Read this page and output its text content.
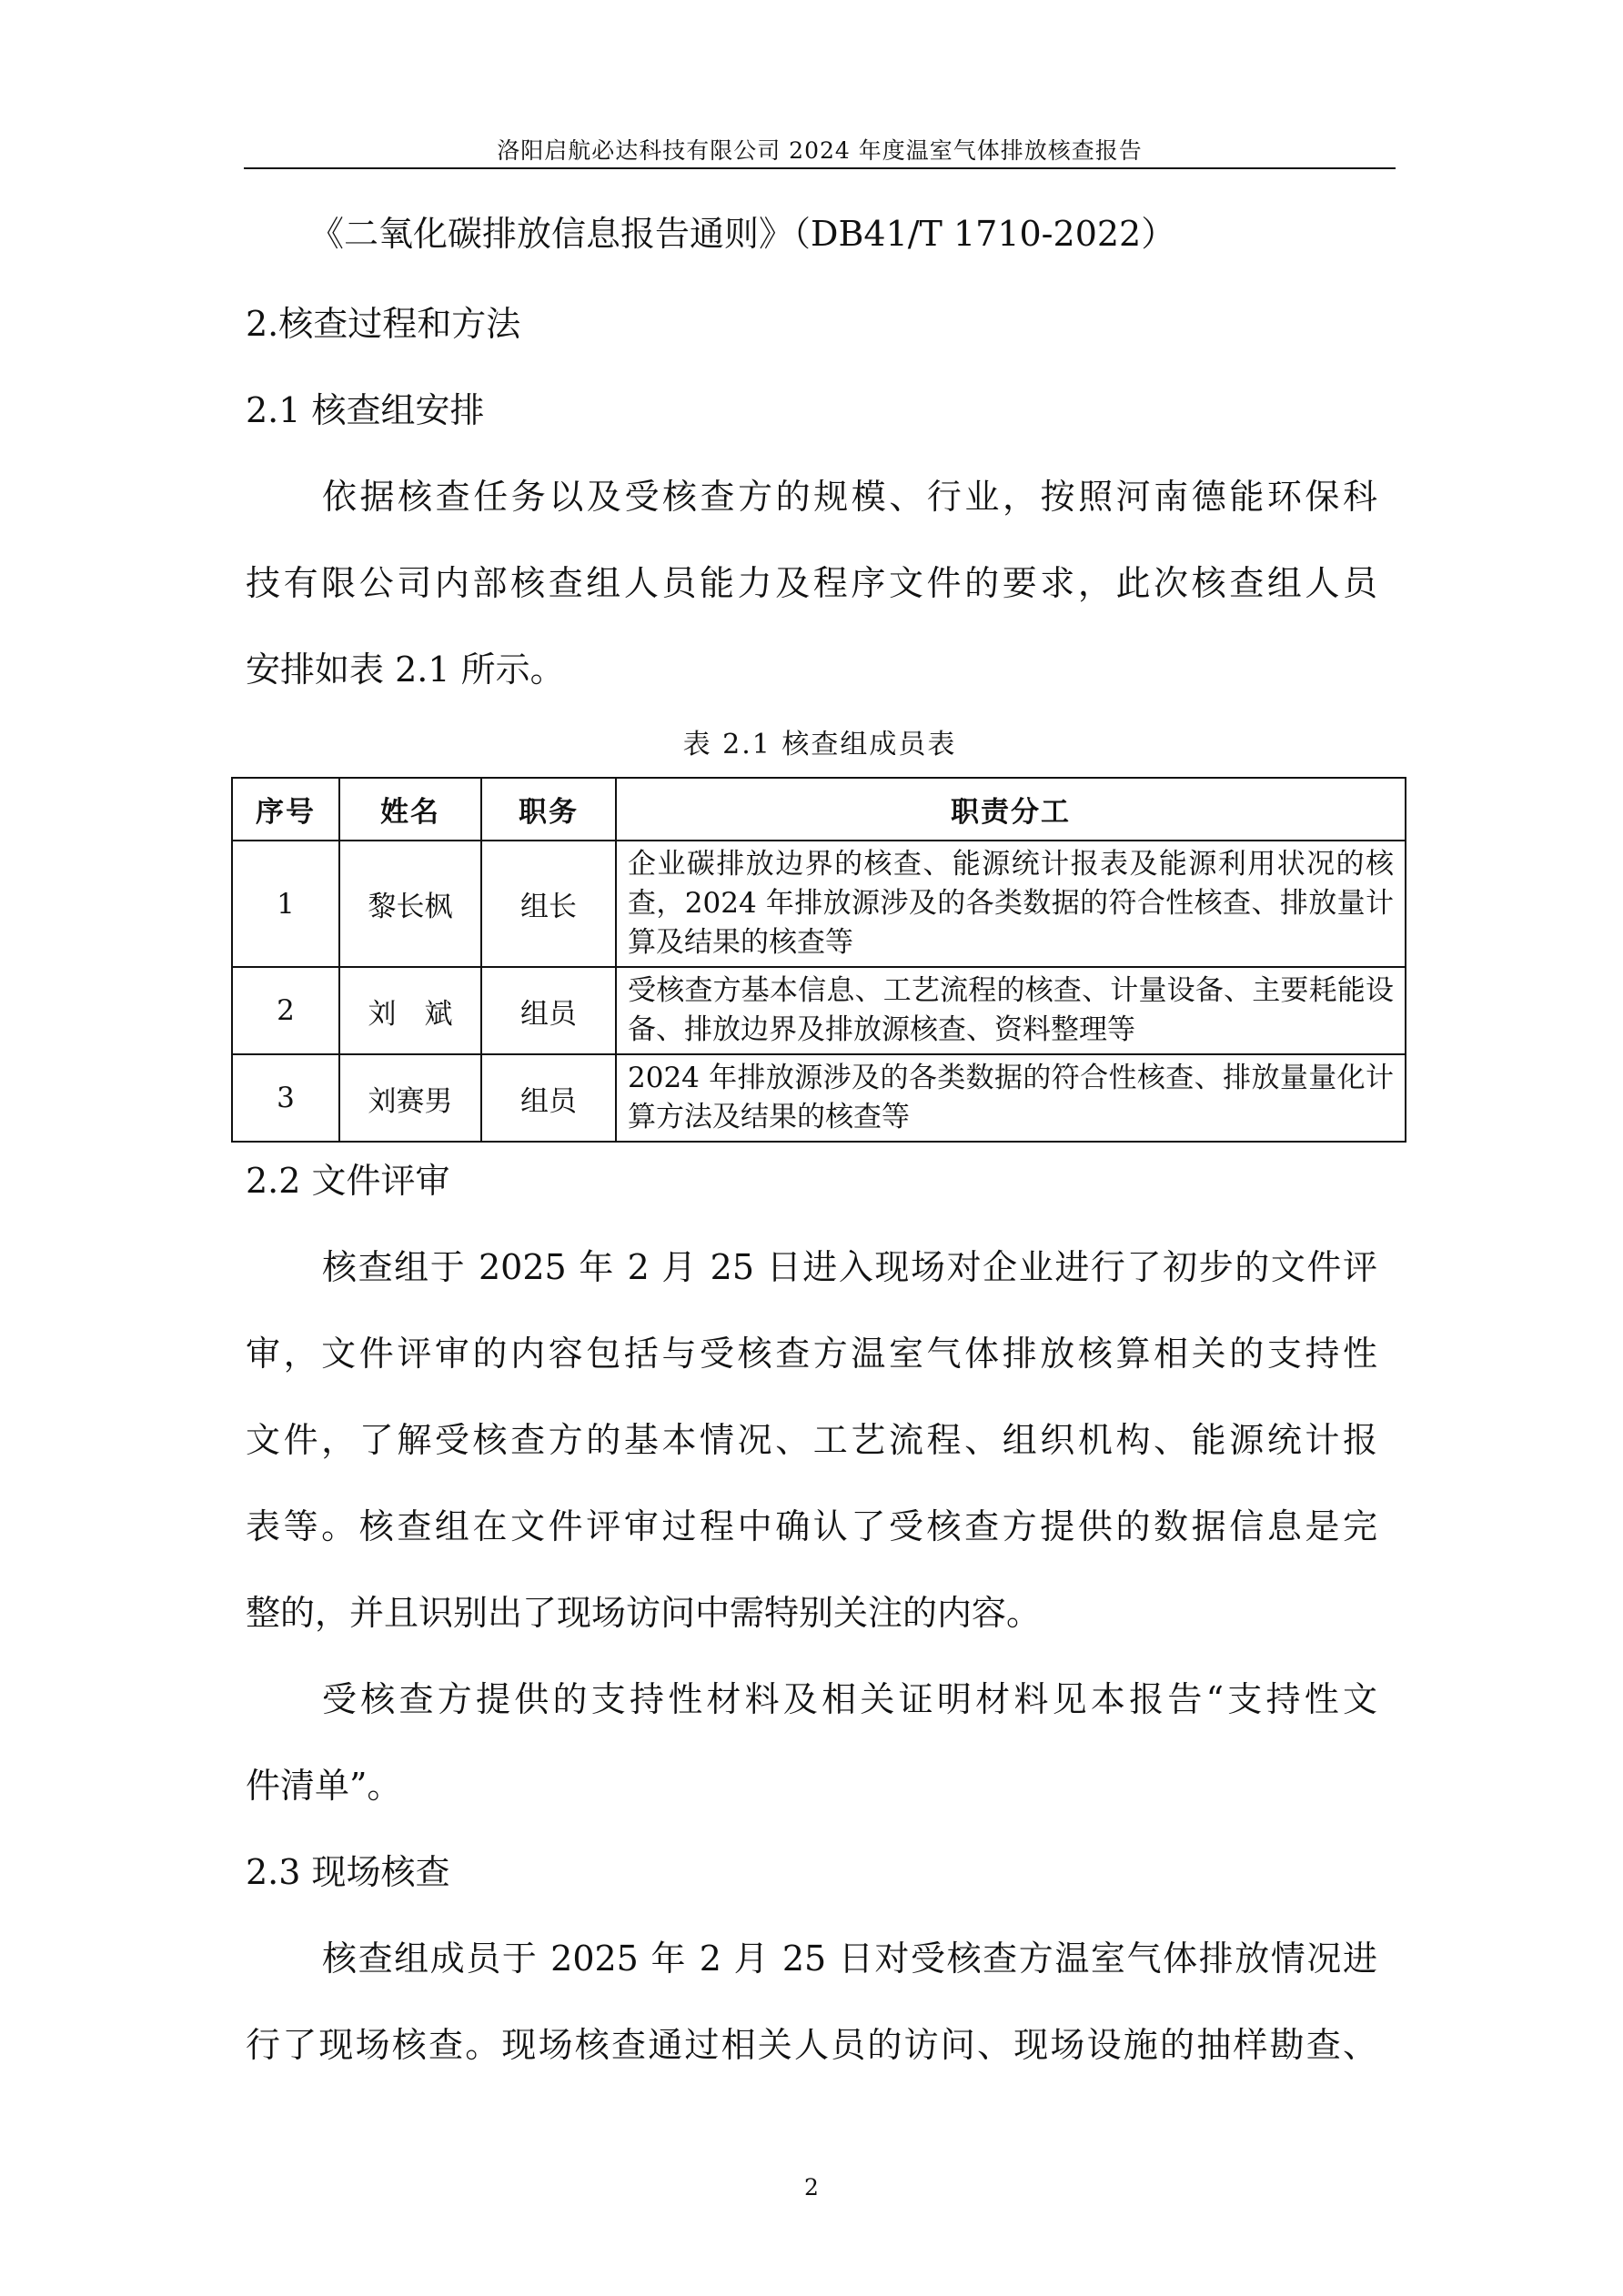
洛阳启航必达科技有限公司 2024 年度温室气体排放核查报告
《二氧化碳排放信息报告通则》（DB41/T 1710-2022）
2.核查过程和方法
2.1 核查组安排
依据核查任务以及受核查方的规模、行业，按照河南德能环保科
技有限公司内部核查组人员能力及程序文件的要求，此次核查组人员
安排如表 2.1 所示。
表 2.1 核查组成员表
序号	姓名	职务	职责分工
1	黎长枫	组长	企业碳排放边界的核查、能源统计报表及能源利用状况的核查，2024 年排放源涉及的各类数据的符合性核查、排放量计算及结果的核查等
2	刘　斌	组员	受核查方基本信息、工艺流程的核查、计量设备、主要耗能设备、排放边界及排放源核查、资料整理等
3	刘赛男	组员	2024 年排放源涉及的各类数据的符合性核查、排放量量化计算方法及结果的核查等
2.2 文件评审
核查组于 2025 年 2 月 25 日进入现场对企业进行了初步的文件评
审，文件评审的内容包括与受核查方温室气体排放核算相关的支持性
文件，了解受核查方的基本情况、工艺流程、组织机构、能源统计报
表等。核查组在文件评审过程中确认了受核查方提供的数据信息是完
整的，并且识别出了现场访问中需特别关注的内容。
受核查方提供的支持性材料及相关证明材料见本报告“支持性文
件清单”。
2.3 现场核查
核查组成员于 2025 年 2 月 25 日对受核查方温室气体排放情况进
行了现场核查。现场核查通过相关人员的访问、现场设施的抽样勘查、
2
